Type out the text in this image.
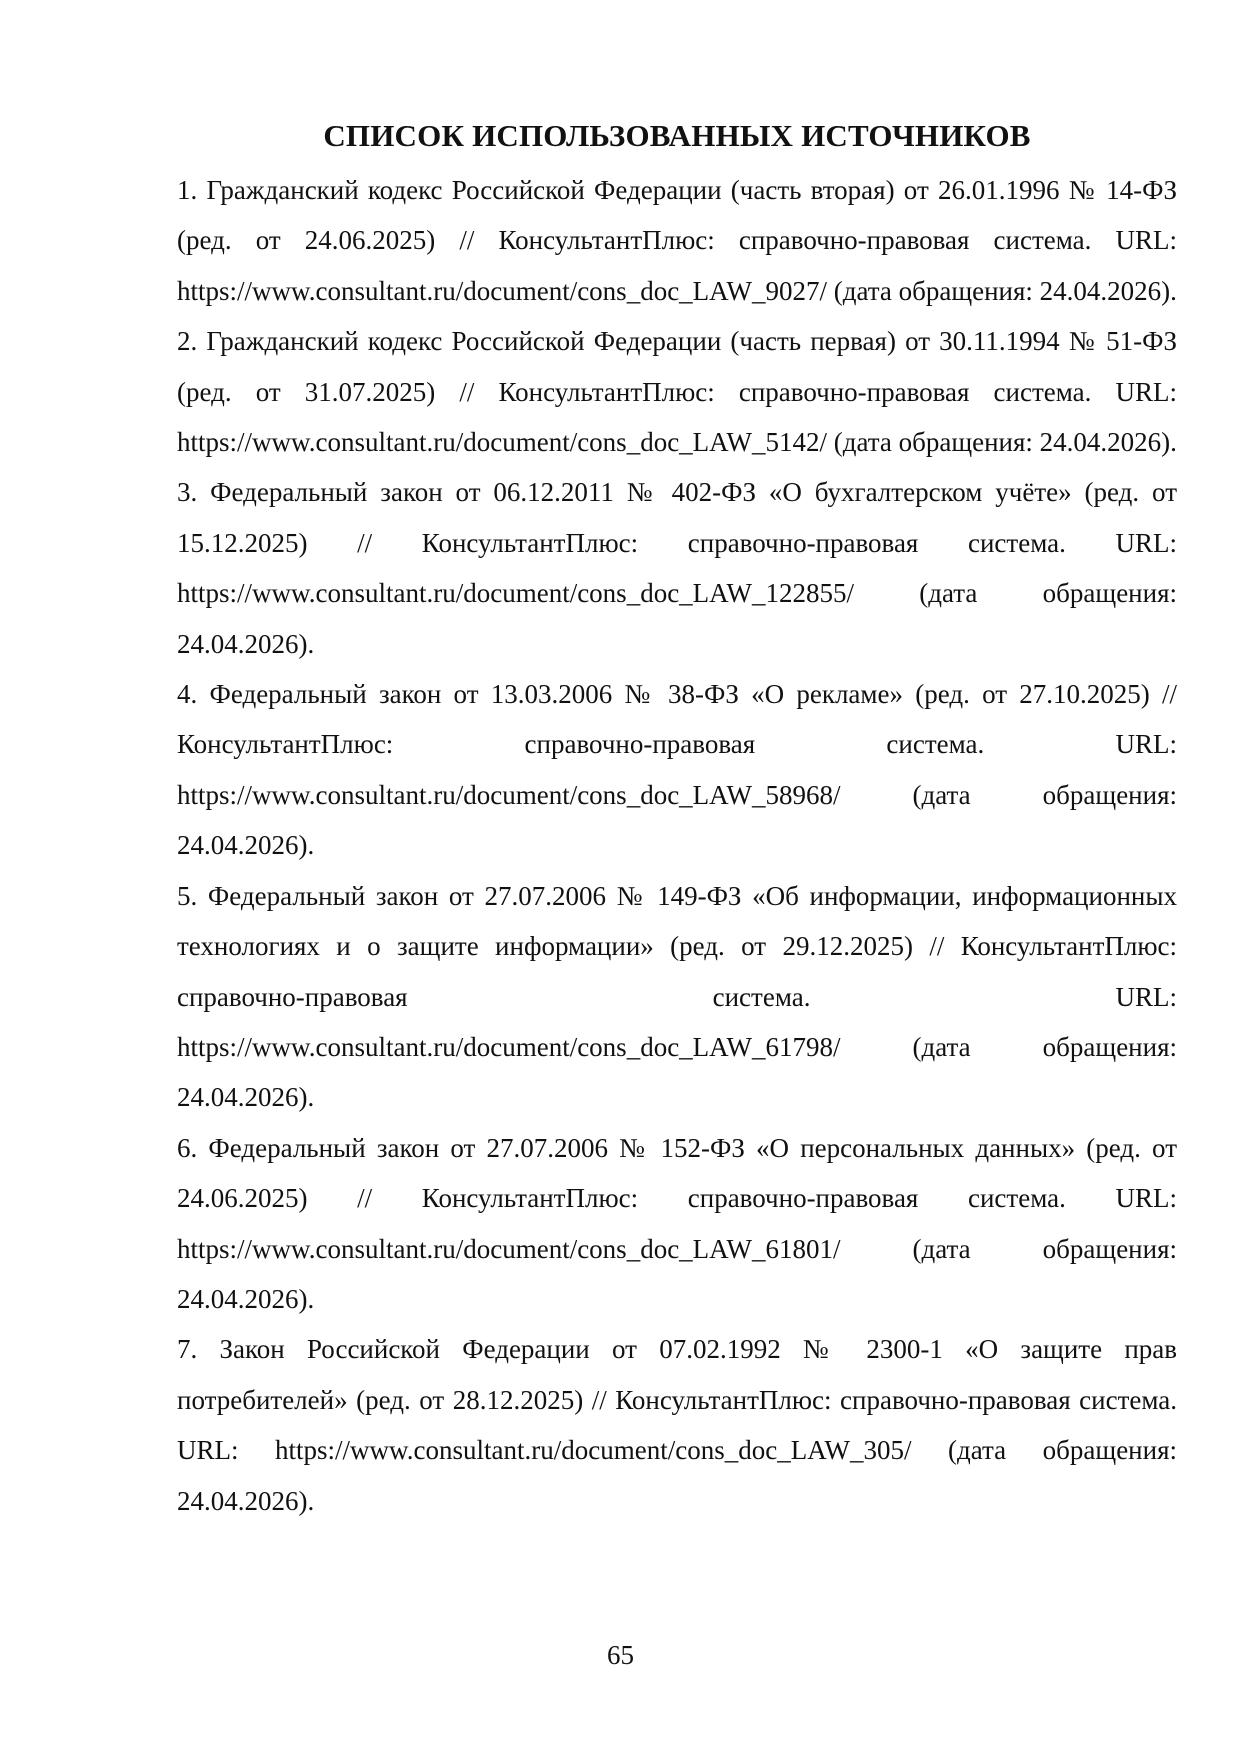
СПИСОК ИСПОЛЬЗОВАННЫХ ИСТОЧНИКОВ

1. Гражданский кодекс Российской Федерации (часть вторая) от 26.01.1996 № 14-ФЗ (ред. от 24.06.2025) // КонсультантПлюс: справочно-правовая система. URL: https://www.consultant.ru/document/cons_doc_LAW_9027/ (дата обращения: 24.04.2026).

2. Гражданский кодекс Российской Федерации (часть первая) от 30.11.1994 № 51-ФЗ (ред. от 31.07.2025) // КонсультантПлюс: справочно-правовая система. URL: https://www.consultant.ru/document/cons_doc_LAW_5142/ (дата обращения: 24.04.2026).

3. Федеральный закон от 06.12.2011 № 402-ФЗ «О бухгалтерском учёте» (ред. от 15.12.2025) // КонсультантПлюс: справочно-правовая система. URL: https://www.consultant.ru/document/cons_doc_LAW_122855/ (дата обращения: 24.04.2026).

4. Федеральный закон от 13.03.2006 № 38-ФЗ «О рекламе» (ред. от 27.10.2025) // КонсультантПлюс: справочно-правовая система. URL: https://www.consultant.ru/document/cons_doc_LAW_58968/ (дата обращения: 24.04.2026).

5. Федеральный закон от 27.07.2006 № 149-ФЗ «Об информации, информационных технологиях и о защите информации» (ред. от 29.12.2025) // КонсультантПлюс: справочно-правовая система. URL: https://www.consultant.ru/document/cons_doc_LAW_61798/ (дата обращения: 24.04.2026).

6. Федеральный закон от 27.07.2006 № 152-ФЗ «О персональных данных» (ред. от 24.06.2025) // КонсультантПлюс: справочно-правовая система. URL: https://www.consultant.ru/document/cons_doc_LAW_61801/ (дата обращения: 24.04.2026).

7. Закон Российской Федерации от 07.02.1992 № 2300-1 «О защите прав потребителей» (ред. от 28.12.2025) // КонсультантПлюс: справочно-правовая система. URL: https://www.consultant.ru/document/cons_doc_LAW_305/ (дата обращения: 24.04.2026).

65
